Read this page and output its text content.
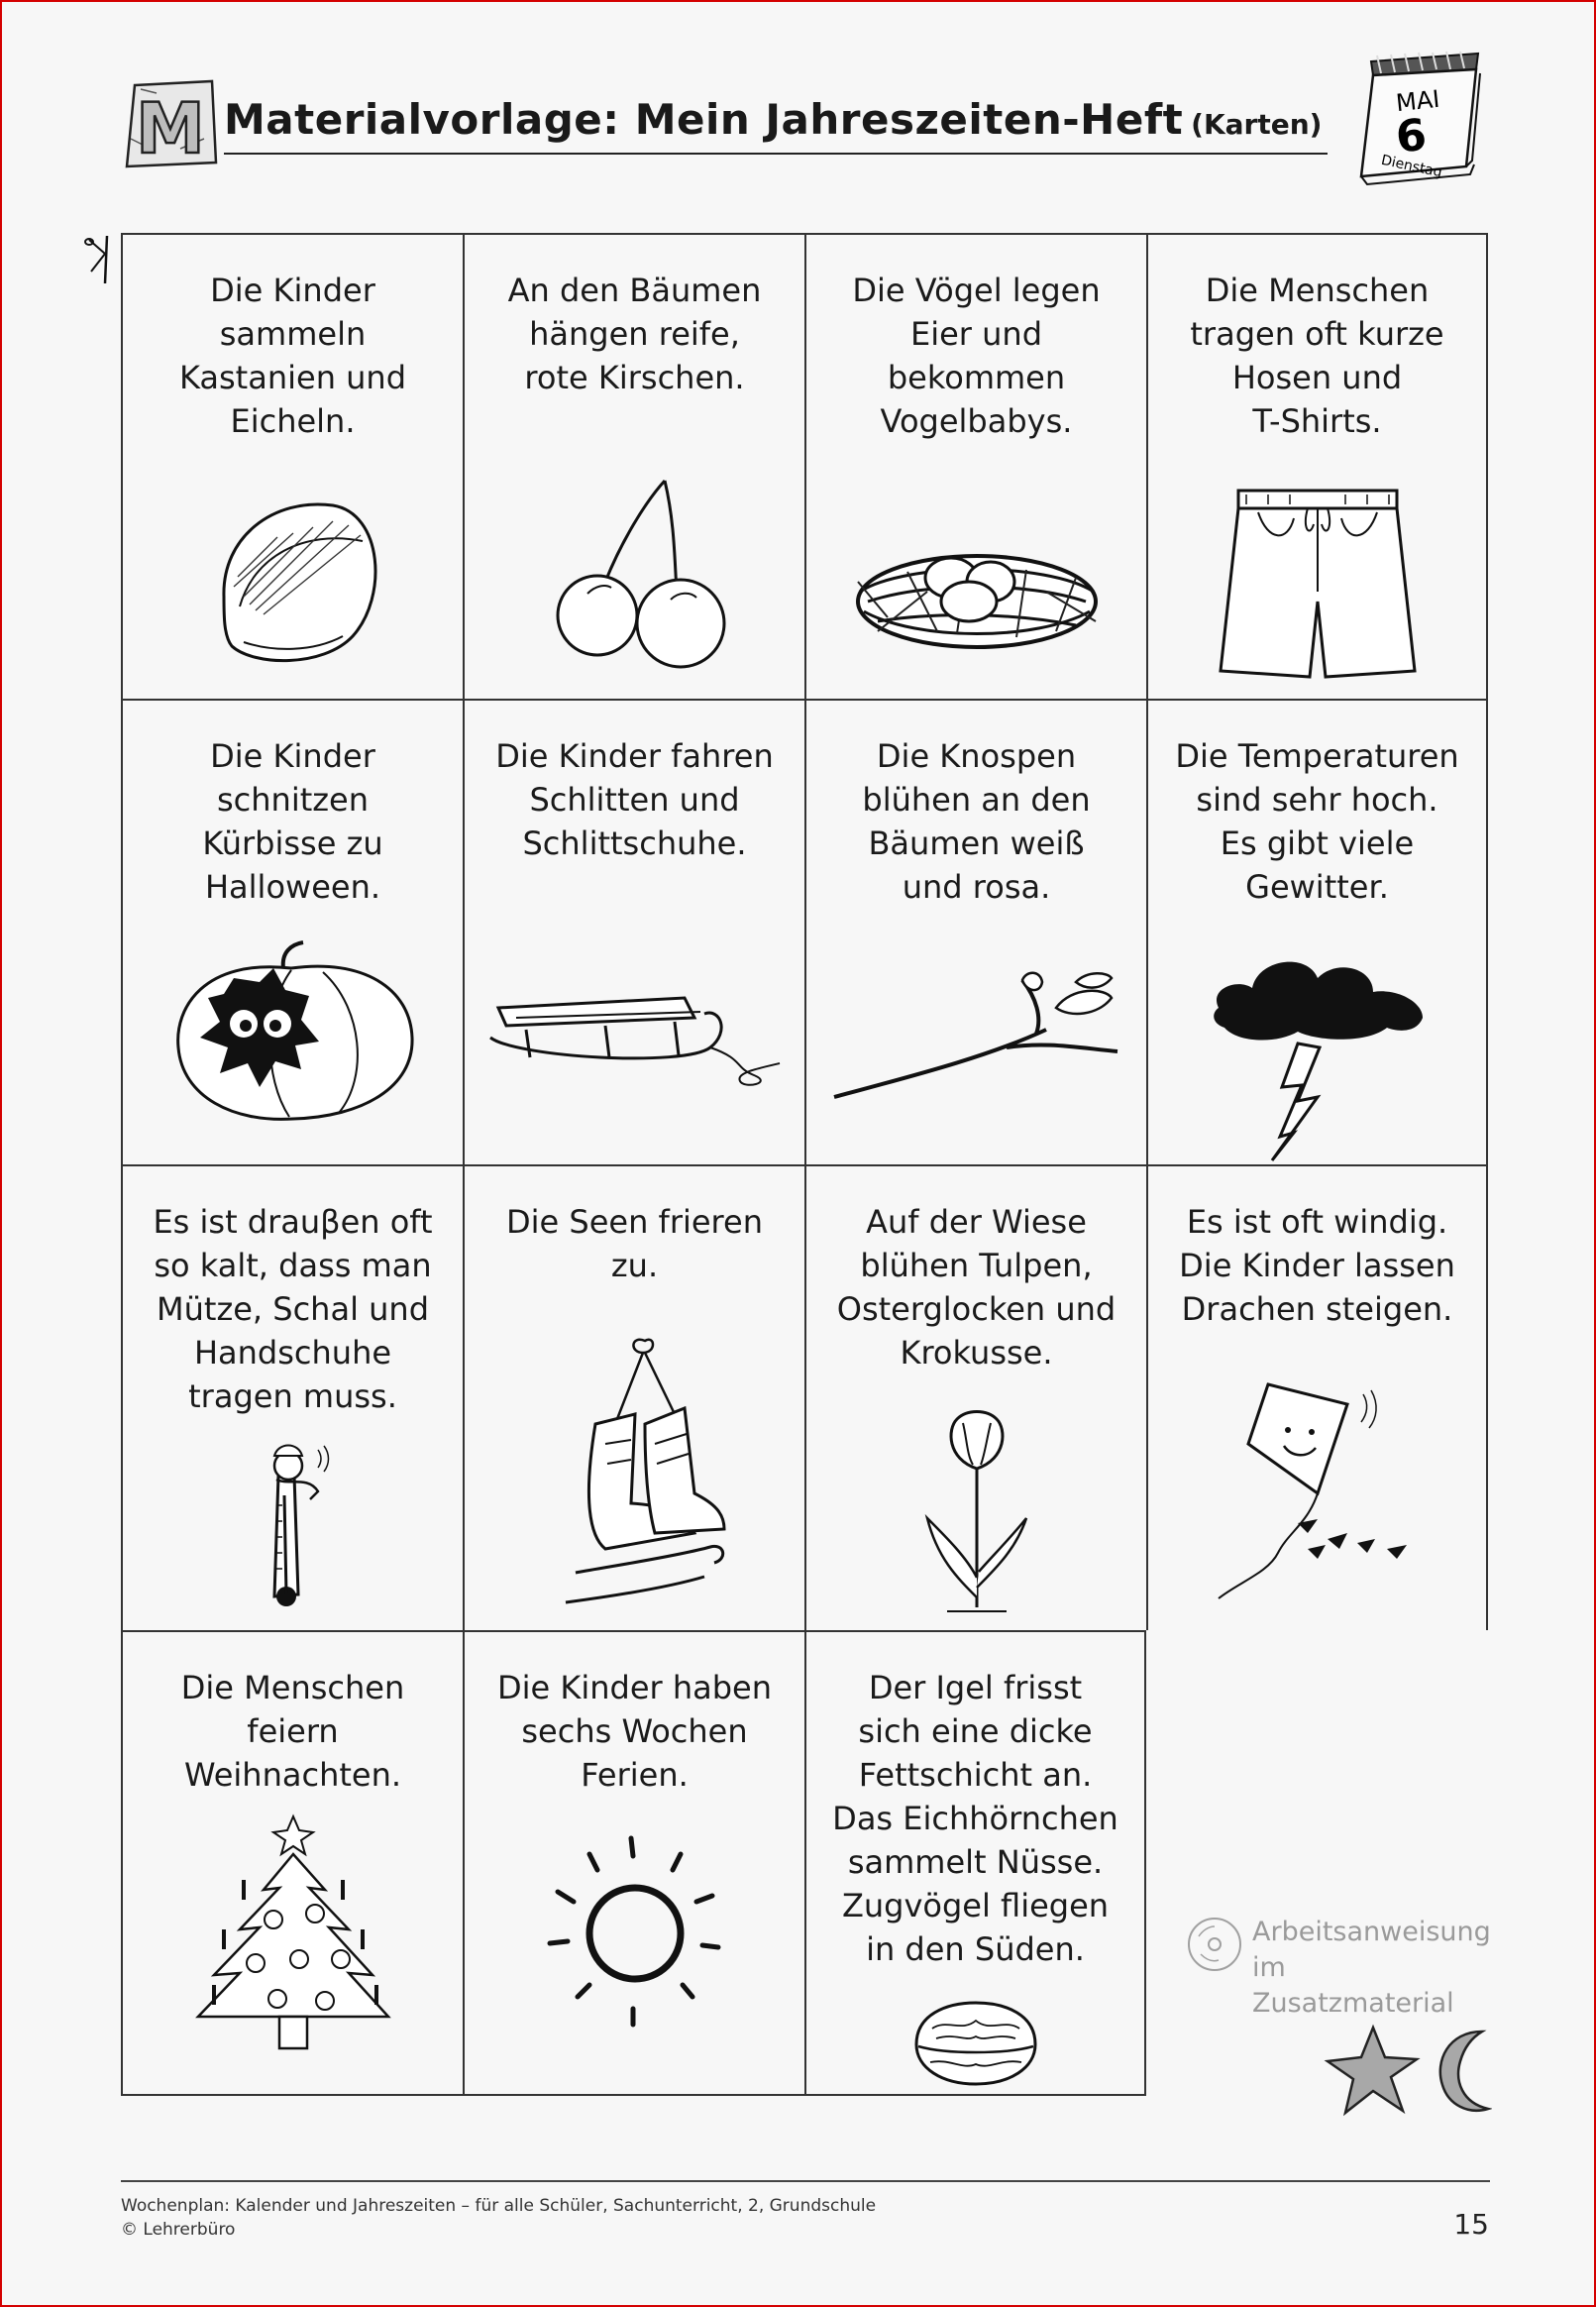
M Materialvorlage: Mein Jahreszeiten-Heft (Karten)
MAI
6
Dienstag
Die Kinder
sammeln
Kastanien und
Eicheln.
An den Bäumen
hängen reife,
rote Kirschen.
Die Vögel legen
Eier und
bekommen
Vogelbabys.
Die Menschen
tragen oft kurze
Hosen und
T-Shirts.
Die Kinder
schnitzen
Kürbisse zu
Halloween.
Die Kinder fahren
Schlitten und
Schlittschuhe.
Die Knospen
blühen an den
Bäumen weiß
und rosa.
Die Temperaturen
sind sehr hoch.
Es gibt viele
Gewitter.
Es ist drauβen oft
so kalt, dass man
Mütze, Schal und
Handschuhe
tragen muss.
Die Seen frieren
zu.
Auf der Wiese
blühen Tulpen,
Osterglocken und
Krokusse.
Es ist oft windig.
Die Kinder lassen
Drachen steigen.
Die Menschen
feiern
Weihnachten.
Die Kinder haben
sechs Wochen
Ferien.
Der Igel frisst
sich eine dicke
Fettschicht an.
Das Eichhörnchen
sammelt Nüsse.
Zugvögel fliegen
in den Süden.	Arbeitsanweisung
im Zusatzmaterial
Wochenplan: Kalender und Jahreszeiten – für alle Schüler, Sachunterricht, 2, Grundschule
© Lehrerbüro	15
